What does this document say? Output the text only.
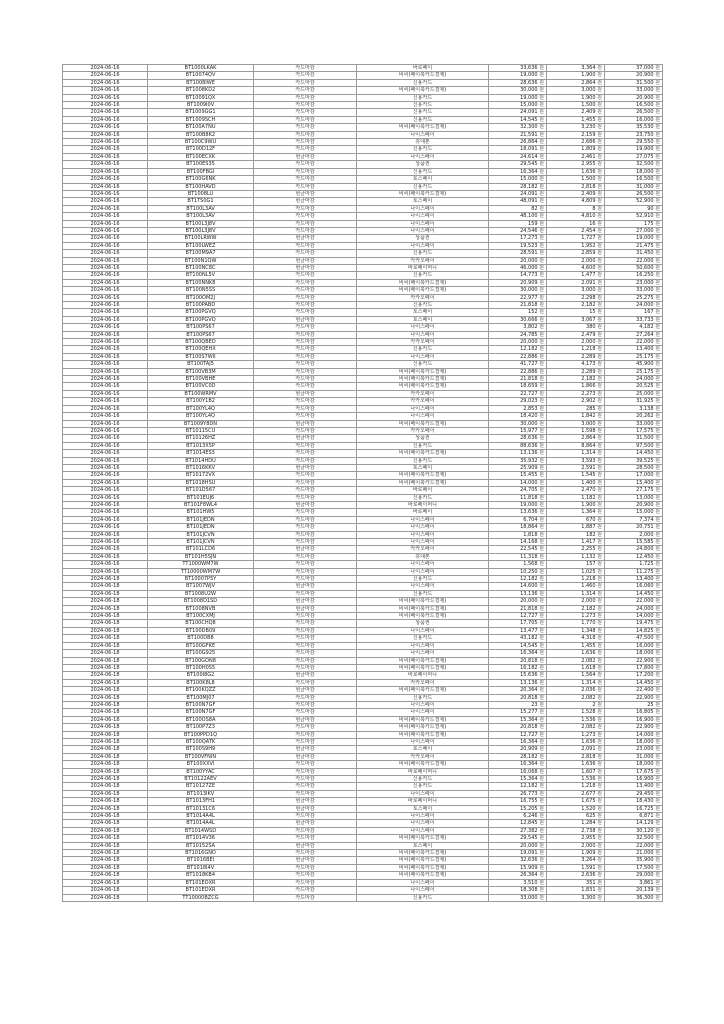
2024-06-16	BT1000LKAK	카드마감	바로페이	33,636 원	3,364 원	37,000 원
2024-06-16	BT10074QV	카드마감	비씨(페이북카드결제)	19,000 원	1,900 원	20,900 원
2024-06-16	BT1008IWE	카드마감	신용카드	28,636 원	2,864 원	31,500 원
2024-06-16	BT1008KD2	카드마감	비씨(페이북카드결제)	30,000 원	3,000 원	33,000 원
2024-06-16	BT10091QX	카드마감	신용카드	19,000 원	1,900 원	20,900 원
2024-06-16	BT1009I0V	카드마감	신용카드	15,000 원	1,500 원	16,500 원
2024-06-16	BT1009GG1	카드마감	신용카드	24,091 원	2,409 원	26,500 원
2024-06-16	BT1009SCH	카드마감	신용카드	14,545 원	1,455 원	16,000 원
2024-06-16	BT100A7NU	카드마감	비씨(페이북카드결제)	32,300 원	3,230 원	35,530 원
2024-06-16	BT100B8K2	카드마감	나이스페이	21,591 원	2,159 원	23,750 원
2024-06-16	BT100C9WU	카드마감	휴대폰	26,864 원	2,686 원	29,550 원
2024-06-16	BT100D12F	카드마감	신용카드	18,091 원	1,809 원	19,900 원
2024-06-16	BT100ECXK	현금마감	나이스페이	24,614 원	2,461 원	27,075 원
2024-06-16	BT100ES35	카드마감	상품권	29,545 원	2,955 원	32,500 원
2024-06-16	BT100FBGI	카드마감	신용카드	16,364 원	1,636 원	18,000 원
2024-06-16	BT100G6NK	카드마감	토스페이	15,000 원	1,500 원	16,500 원
2024-06-16	BT100HAVD	카드마감	신용카드	28,182 원	2,818 원	31,000 원
2024-06-16	BT1008LU	현금마감	비씨(페이북카드결제)	24,091 원	2,409 원	26,500 원
2024-06-16	BT1TS0G1	현금마감	토스페이	48,091 원	4,809 원	52,900 원
2024-06-16	BT100L3AV	카드마감	나이스페이	82 원	8 원	90 원
2024-06-16	BT100L3AV	카드마감	나이스페이	48,100 원	4,810 원	52,910 원
2024-06-16	BT100L3J8V	카드마감	나이스페이	159 원	16 원	175 원
2024-06-16	BT100L3J8V	카드마감	나이스페이	24,546 원	2,454 원	27,000 원
2024-06-16	BT100LRWW	현금마감	상품권	17,273 원	1,727 원	19,000 원
2024-06-16	BT100LWEZ	카드마감	나이스페이	19,523 원	1,952 원	21,475 원
2024-06-16	BT100M9A7	카드마감	신용카드	28,591 원	2,859 원	31,450 원
2024-06-16	BT100N1QW	현금마감	카카오페이	20,000 원	2,000 원	22,000 원
2024-06-16	BT100NC8C	현금마감	바로페이머니	46,000 원	4,600 원	50,600 원
2024-06-16	BT100NL5V	카드마감	신용카드	14,773 원	1,477 원	16,250 원
2024-06-16	BT100NNK8	카드마감	비씨(페이북카드결제)	20,909 원	2,091 원	23,000 원
2024-06-16	BT100N5SS	카드마감	비씨(페이북카드결제)	30,000 원	3,000 원	33,000 원
2024-06-16	BT100OM2J	카드마감	카카오페이	22,977 원	2,298 원	25,275 원
2024-06-16	BT100PABD	카드마감	신용카드	21,818 원	2,182 원	24,000 원
2024-06-16	BT100PGVQ	카드마감	토스페이	152 원	15 원	167 원
2024-06-16	BT100PGVQ	현금마감	토스페이	30,666 원	3,067 원	33,733 원
2024-06-16	BT100PS67	카드마감	나이스페이	3,802 원	380 원	4,182 원
2024-06-16	BT100PS67	카드마감	나이스페이	24,785 원	2,479 원	27,264 원
2024-06-16	BT100QBEO	카드마감	카카오페이	20,000 원	2,000 원	22,000 원
2024-06-16	BT100QEHX	카드마감	신용카드	12,182 원	1,218 원	13,400 원
2024-06-16	BT100S7WII	카드마감	나이스페이	22,886 원	2,289 원	25,175 원
2024-06-16	BT100TAJ5	카드마감	신용카드	41,727 원	4,173 원	45,900 원
2024-06-16	BT100VB3M	카드마감	비씨(페이북카드결제)	22,886 원	2,289 원	25,175 원
2024-06-16	BT100VBHE	카드마감	비씨(페이북카드결제)	21,818 원	2,182 원	24,000 원
2024-06-16	BT100VC0D	카드마감	비씨(페이북카드결제)	18,659 원	1,866 원	20,525 원
2024-06-16	BT100WRMV	현금마감	카카오페이	22,727 원	2,273 원	25,000 원
2024-06-16	BT100Y1B2	카드마감	카카오페이	29,023 원	2,902 원	31,925 원
2024-06-16	BT100YL4Q	카드마감	나이스페이	2,853 원	285 원	3,138 원
2024-06-16	BT100YL4Q	카드마감	나이스페이	18,420 원	1,842 원	20,262 원
2024-06-16	BT1009Y8DN	현금마감	비씨(페이북카드결제)	30,000 원	3,000 원	33,000 원
2024-06-16	BT10115CU	카드마감	카카오페이	15,977 원	1,598 원	17,575 원
2024-06-16	BT10126HZ	현금마감	상품권	28,636 원	2,864 원	31,500 원
2024-06-16	BT1013X5P	카드마감	신용카드	88,636 원	8,864 원	97,500 원
2024-06-16	BT1014ES3	카드마감	비씨(페이북카드결제)	13,136 원	1,314 원	14,450 원
2024-06-16	BT1014HDU	카드마감	신용카드	35,932 원	3,593 원	39,525 원
2024-06-16	BT1016KKV	현금마감	토스페이	25,909 원	2,591 원	28,500 원
2024-06-16	BT10172VX	카드마감	비씨(페이북카드결제)	15,455 원	1,545 원	17,000 원
2024-06-16	BT1018HSU	카드마감	비씨(페이북카드결제)	14,000 원	1,400 원	15,400 원
2024-06-16	BT101D567	카드마감	바로페이	24,705 원	2,470 원	27,175 원
2024-06-16	BT101EUJ6	카드마감	신용카드	11,818 원	1,182 원	13,000 원
2024-06-16	BT101F8WL4	현금마감	바로페이머니	19,000 원	1,900 원	20,900 원
2024-06-16	BT101HW5	카드마감	바로페이	13,636 원	1,364 원	15,000 원
2024-06-16	BT101JEDN	카드마감	나이스페이	6,704 원	670 원	7,374 원
2024-06-16	BT101JEDN	카드마감	나이스페이	18,864 원	1,887 원	20,751 원
2024-06-16	BT101JCVN	카드마감	나이스페이	1,818 원	182 원	2,000 원
2024-06-16	BT101JCVN	카드마감	나이스페이	14,168 원	1,417 원	15,585 원
2024-06-16	BT101LCD6	현금마감	카카오페이	22,545 원	2,255 원	24,800 원
2024-06-16	BT101H5SJN	카드마감	휴대폰	11,318 원	1,132 원	12,450 원
2024-06-16	TT1000WM7W	카드마감	나이스페이	1,568 원	157 원	1,725 원
2024-06-16	TT10000WM7W	카드마감	나이스페이	10,250 원	1,025 원	11,275 원
2024-06-18	BT10007P5Y	카드마감	신용카드	12,182 원	1,218 원	13,400 원
2024-06-18	BT1007WJV	현금마감	나이스페이	14,600 원	1,460 원	16,060 원
2024-06-18	BT1008U2W	카드마감	신용카드	13,136 원	1,314 원	14,450 원
2024-06-18	BT1008D1SD	현금마감	비씨(페이북카드결제)	20,000 원	2,000 원	22,000 원
2024-06-18	BT1008NVB	현금마감	비씨(페이북카드결제)	21,818 원	2,182 원	24,000 원
2024-06-18	BT100CXMJ	카드마감	비씨(페이북카드결제)	12,727 원	1,273 원	14,000 원
2024-06-18	BT100CHQ8	카드마감	상품권	17,705 원	1,770 원	19,475 원
2024-06-18	BT100DB09	카드마감	나이스페이	13,477 원	1,348 원	14,825 원
2024-06-18	BT100DB8	카드마감	신용카드	43,182 원	4,318 원	47,500 원
2024-06-18	BT100GFKE	카드마감	나이스페이	14,545 원	1,455 원	16,000 원
2024-06-18	BT100G925	카드마감	나이스페이	16,364 원	1,636 원	18,000 원
2024-06-18	BT100GON8	카드마감	비씨(페이북카드결제)	20,818 원	2,082 원	22,900 원
2024-06-18	BT100H0S5	카드마감	비씨(페이북카드결제)	16,182 원	1,618 원	17,800 원
2024-06-18	BT100I8G2	현금마감	바로페이머니	15,636 원	1,564 원	17,200 원
2024-06-18	BT100K8L8	카드마감	카카오페이	13,136 원	1,314 원	14,450 원
2024-06-18	BT100KQZZ	현금마감	비씨(페이북카드결제)	20,364 원	2,036 원	22,400 원
2024-06-18	BT100MJ07	카드마감	신용카드	20,818 원	2,082 원	22,900 원
2024-06-18	BT100N7GF	카드마감	나이스페이	23 원	2 원	25 원
2024-06-18	BT100N7GF	카드마감	나이스페이	15,277 원	1,528 원	16,805 원
2024-06-18	BT100OS8A	현금마감	비씨(페이북카드결제)	15,364 원	1,536 원	16,900 원
2024-06-18	BT100P7Z3	카드마감	비씨(페이북카드결제)	20,818 원	2,082 원	22,900 원
2024-06-18	BT100PPD1Q	카드마감	비씨(페이북카드결제)	12,727 원	1,273 원	14,000 원
2024-06-18	BT100QATK	카드마감	나이스페이	16,364 원	1,636 원	18,000 원
2024-06-18	BT100S9H9	현금마감	토스페이	20,909 원	2,091 원	23,000 원
2024-06-18	BT100VFNIN	현금마감	카카오페이	28,182 원	2,818 원	31,000 원
2024-06-18	BT100XXVI	카드마감	비씨(페이북카드결제)	16,364 원	1,636 원	18,000 원
2024-06-18	BT100YYAC	카드마감	바로페이머니	16,068 원	1,607 원	17,675 원
2024-06-18	BT10122AEV	카드마감	신용카드	15,364 원	1,536 원	16,900 원
2024-06-18	BT10127ZE	카드마감	신용카드	12,182 원	1,218 원	13,400 원
2024-06-18	BT1013IKV	카드마감	나이스페이	26,773 원	2,677 원	29,450 원
2024-06-18	BT1013FH1	현금마감	바로페이머니	16,755 원	1,675 원	18,430 원
2024-06-18	BT10131C6	현금마감	토스페이	15,205 원	1,520 원	16,725 원
2024-06-18	BT1014A4L	카드마감	나이스페이	6,246 원	625 원	6,871 원
2024-06-18	BT1014A4L	현금마감	나이스페이	12,845 원	1,284 원	14,129 원
2024-06-18	BT1014WSD	카드마감	나이스페이	27,382 원	2,738 원	30,120 원
2024-06-18	BT1014V36	카드마감	비씨(페이북카드결제)	29,545 원	2,955 원	32,500 원
2024-06-18	BT10152SA	현금마감	토스페이	20,000 원	2,000 원	22,000 원
2024-06-18	BT1016GNO	카드마감	비씨(페이북카드결제)	19,091 원	1,909 원	21,000 원
2024-06-18	BT1016BEI	현금마감	비씨(페이북카드결제)	32,636 원	3,264 원	35,900 원
2024-06-18	BT1018I4V	카드마감	비씨(페이북카드결제)	15,909 원	1,591 원	17,500 원
2024-06-18	BT1018KB4	카드마감	비씨(페이북카드결제)	26,364 원	2,636 원	29,000 원
2024-06-18	BT101EDXR	카드마감	나이스페이	3,510 원	351 원	3,861 원
2024-06-18	BT101EDXR	카드마감	나이스페이	18,308 원	1,831 원	20,139 원
2024-06-18	TT10000BZCG	카드마감	신용카드	33,000 원	3,300 원	36,300 원
